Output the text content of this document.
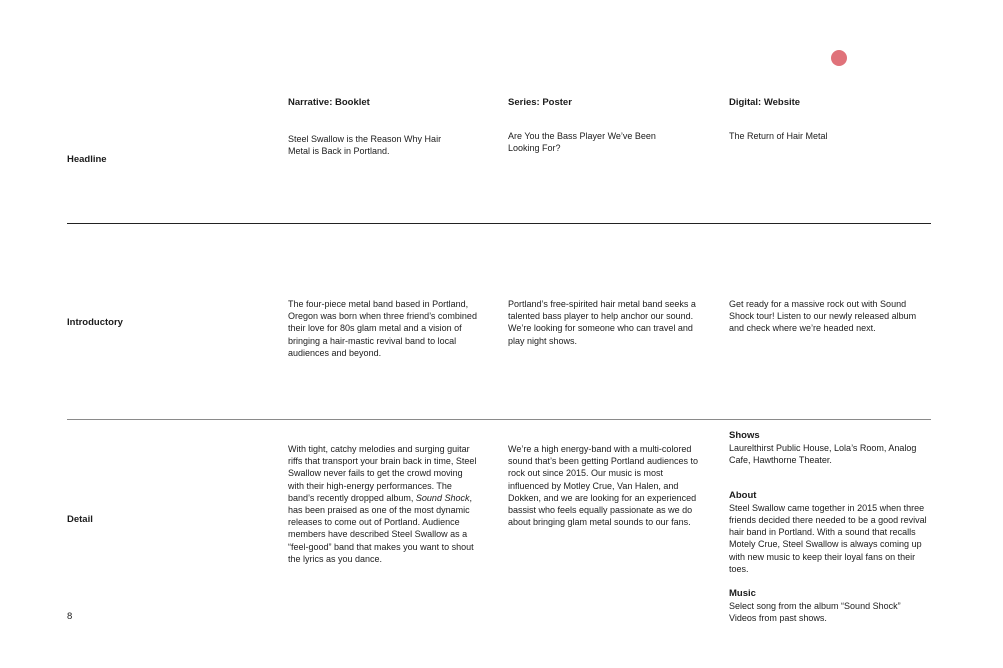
Narrative: Booklet	Series: Poster	Digital: Website
Headline
Steel Swallow is the Reason Why Hair Metal is Back in Portland.
Are You the Bass Player We’ve Been Looking For?
The Return of Hair Metal
Introductory
The four-piece metal band based in Portland, Oregon was born when three friend’s combined their love for 80s glam metal and a vision of bringing a hair-mastic revival band to local audiences and beyond.
Portland’s free-spirited hair metal band seeks a talented bass player to help anchor our sound. We’re looking for someone who can travel and play night shows.
Get ready for a massive rock out with Sound Shock tour! Listen to our newly released album and check where we’re headed next.
Detail
With tight, catchy melodies and surging guitar riffs that transport your brain back in time, Steel Swallow never fails to get the crowd moving with their high-energy performances. The band’s recently dropped album, Sound Shock, has been praised as one of the most dynamic releases to come out of Portland. Audience members have described Steel Swallow as a “feel-good” band that makes you want to shout the lyrics as you dance.
We’re a high energy-band with a multi-colored sound that’s been getting Portland audiences to rock out since 2015. Our music is most influenced by Motley Crue, Van Halen, and Dokken, and we are looking for an experienced bassist who feels equally passionate as we do about bringing glam metal sounds to our fans.
Shows
Laurelthirst Public House, Lola’s Room, Analog Cafe, Hawthorne Theater.
About
Steel Swallow came together in 2015 when three friends decided there needed to be a good revival hair band in Portland. With a sound that recalls Motely Crue, Steel Swallow is always coming up with new music to keep their loyal fans on their toes.
Music
Select song from the album “Sound Shock”
Videos from past shows.
8
